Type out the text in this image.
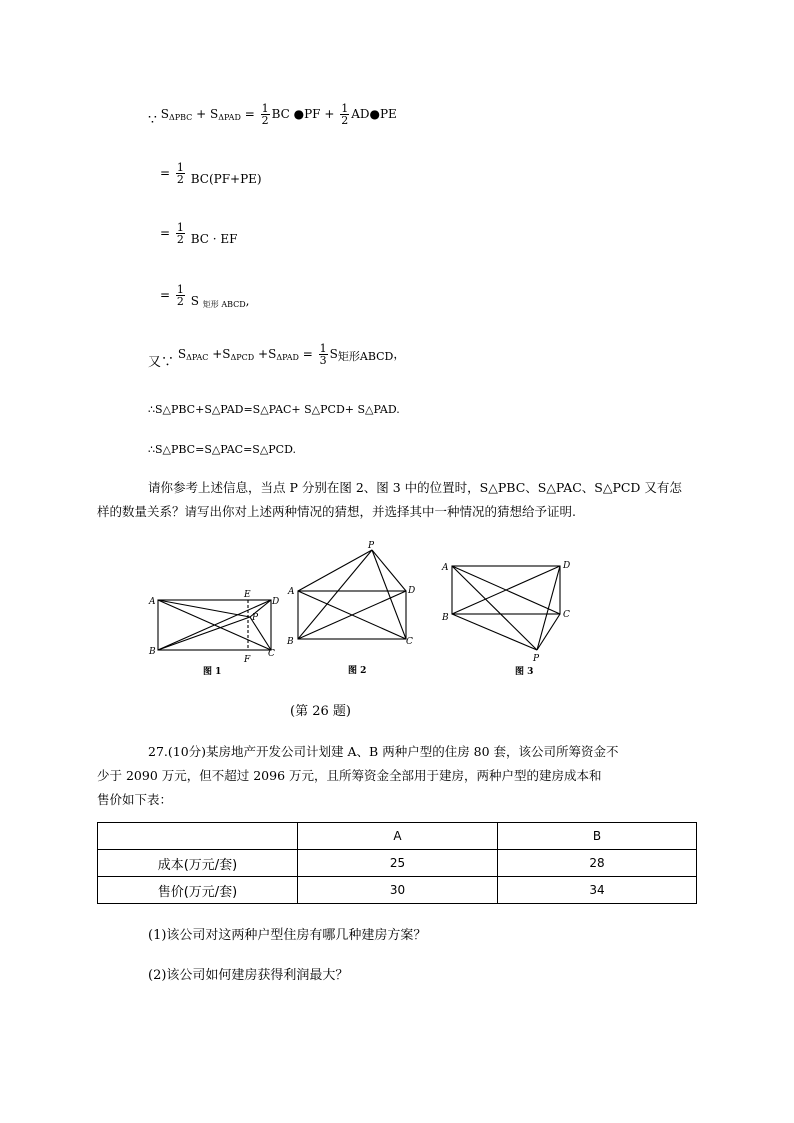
∵ $S_{\Delta PBC} + S_{\Delta PAD} = \frac{1}{2}$ BC ●PF + $\frac{1}{2}$ AD●PE
= $\frac{1}{2} BC(PF+PE)$
= $\frac{1}{2}$ BC · EF
= $\frac{1}{2}$ S $_{矩形 ABCD}$,
又∵ $S_{\Delta PAC} +S_{\Delta PCD} +S_{\Delta PAD} = \frac{1}{3}$ S矩形ABCD，
∴S△PBC+S△PAD=S△PAC+ S△PCD+ S△PAD.
∴S△PBC=S△PAC=S△PCD.
请你参考上述信息，当点 P 分别在图 2、图 3 中的位置时，S△PBC、S△PAC、S△PCD 又有怎
样的数量关系？请写出你对上述两种情况的猜想，并选择其中一种情况的猜想给予证明.
A
B	C
D
E
F
P
图 1
P
A	D
B	C
图 2
A	D
B	C
P
图 3
(第 26 题)
27.(10分)某房地产开发公司计划建 A、B 两种户型的住房 80 套，该公司所筹资金不
少于 2090 万元，但不超过 2096 万元，且所筹资金全部用于建房，两种户型的建房成本和
售价如下表：
	A	B
成本(万元/套)	25	28
售价(万元/套)	30	34
(1)该公司对这两种户型住房有哪几种建房方案？
(2)该公司如何建房获得利润最大？
